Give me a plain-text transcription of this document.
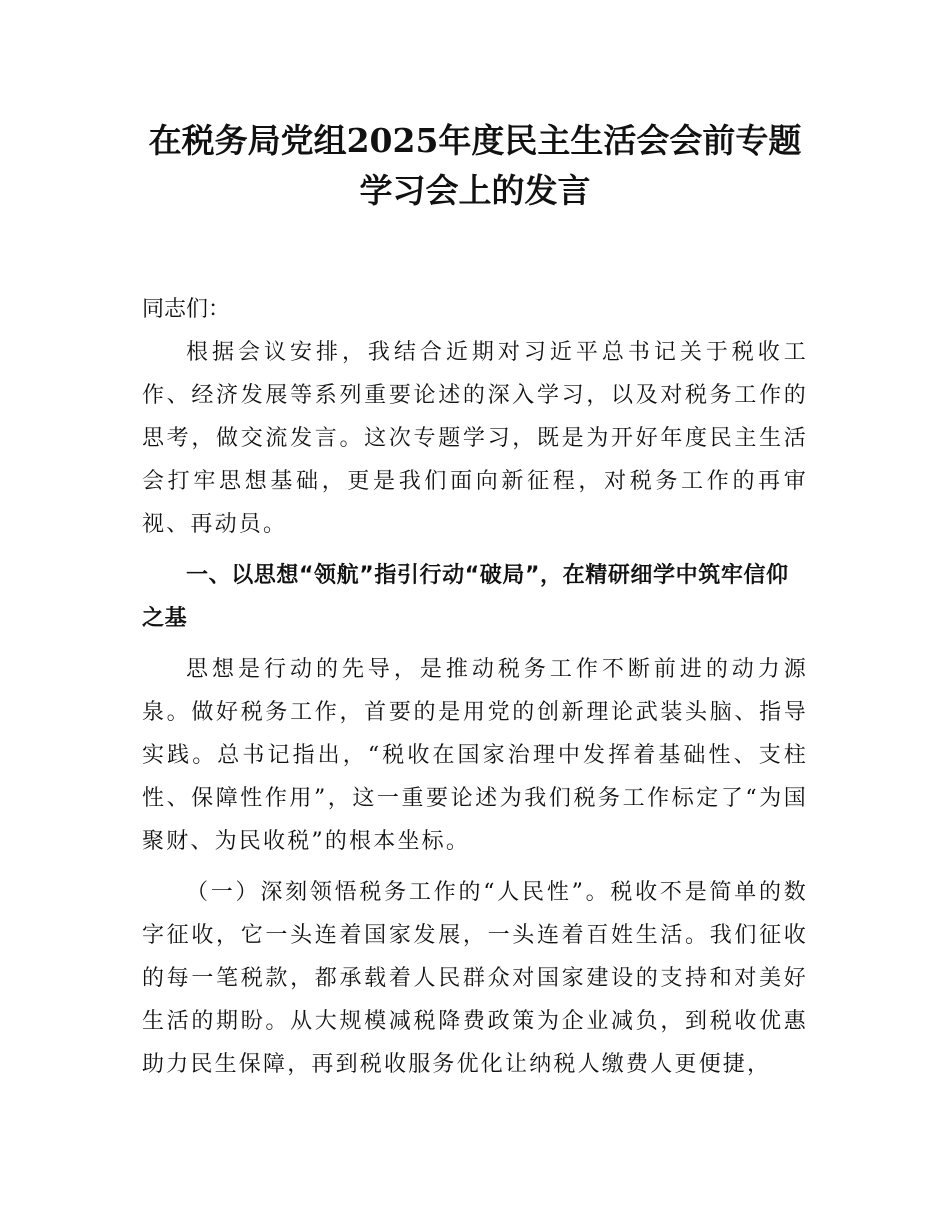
在税务局党组2025年度民主生活会会前专题
学习会上的发言

同志们：

根据会议安排，我结合近期对习近平总书记关于税收工作、经济发展等系列重要论述的深入学习，以及对税务工作的思考，做交流发言。这次专题学习，既是为开好年度民主生活会打牢思想基础，更是我们面向新征程，对税务工作的再审视、再动员。

一、以思想“领航”指引行动“破局”，在精研细学中筑牢信仰之基

思想是行动的先导，是推动税务工作不断前进的动力源泉。做好税务工作，首要的是用党的创新理论武装头脑、指导实践。总书记指出，“税收在国家治理中发挥着基础性、支柱性、保障性作用”，这一重要论述为我们税务工作标定了“为国聚财、为民收税”的根本坐标。

（一）深刻领悟税务工作的“人民性”。税收不是简单的数字征收，它一头连着国家发展，一头连着百姓生活。我们征收的每一笔税款，都承载着人民群众对国家建设的支持和对美好生活的期盼。从大规模减税降费政策为企业减负，到税收优惠助力民生保障，再到税收服务优化让纳税人缴费人更便捷，
